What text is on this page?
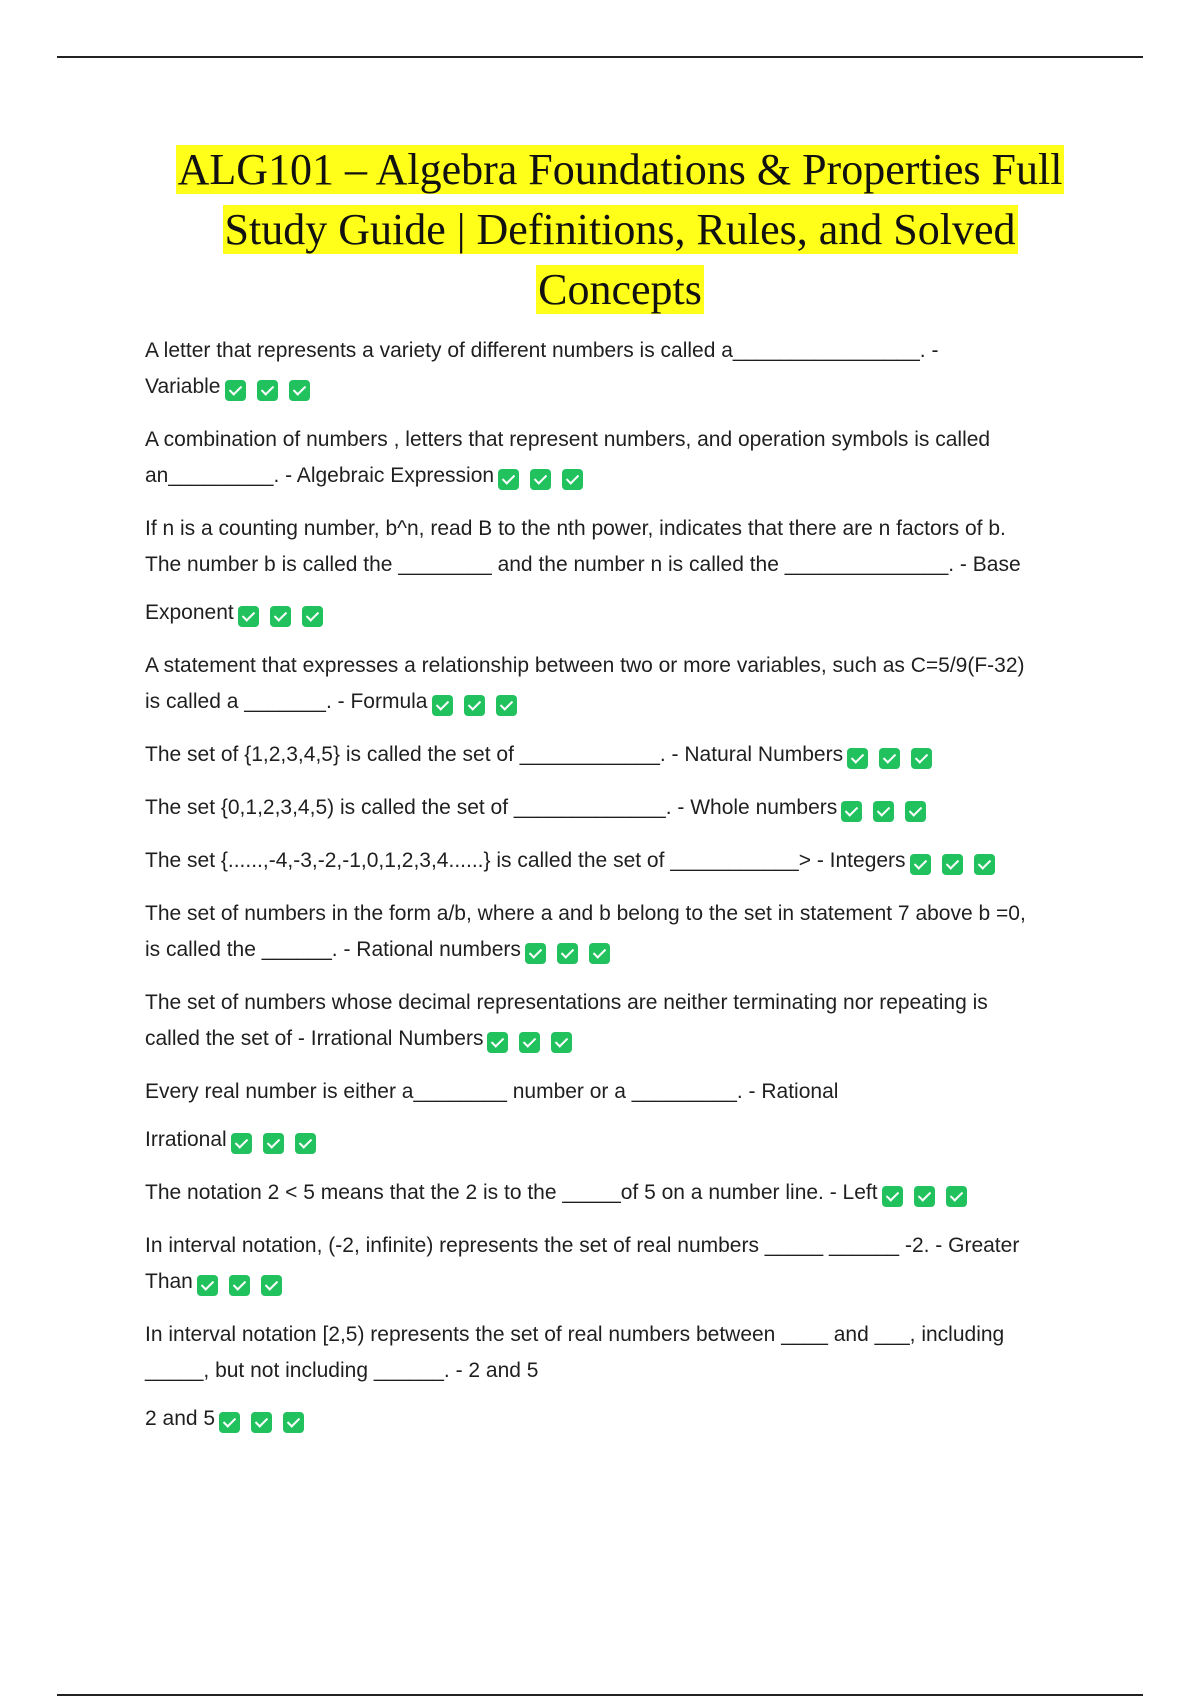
ALG101 – Algebra Foundations & Properties Full
Study Guide | Definitions, Rules, and Solved
Concepts

A letter that represents a variety of different numbers is called a________________. -

Variable

A combination of numbers , letters that represent numbers, and operation symbols is called

an_________. - Algebraic Expression

If n is a counting number, b^n, read B to the nth power, indicates that there are n factors of b.

The number b is called the ________ and the number n is called the ______________. - Base

Exponent

A statement that expresses a relationship between two or more variables, such as C=5/9(F-32)

is called a _______. - Formula

The set of {1,2,3,4,5} is called the set of ____________. - Natural Numbers

The set {0,1,2,3,4,5) is called the set of _____________. - Whole numbers

The set {......,-4,-3,-2,-1,0,1,2,3,4......} is called the set of ___________> - Integers

The set of numbers in the form a/b, where a and b belong to the set in statement 7 above b =0,

is called the ______. - Rational numbers

The set of numbers whose decimal representations are neither terminating nor repeating is

called the set of - Irrational Numbers

Every real number is either a________ number or a _________. - Rational

Irrational

The notation 2 < 5 means that the 2 is to the _____of 5 on a number line. - Left

In interval notation, (-2, infinite) represents the set of real numbers _____ ______ -2. - Greater

Than

In interval notation [2,5) represents the set of real numbers between ____ and ___, including

_____, but not including ______. - 2 and 5

2 and 5
